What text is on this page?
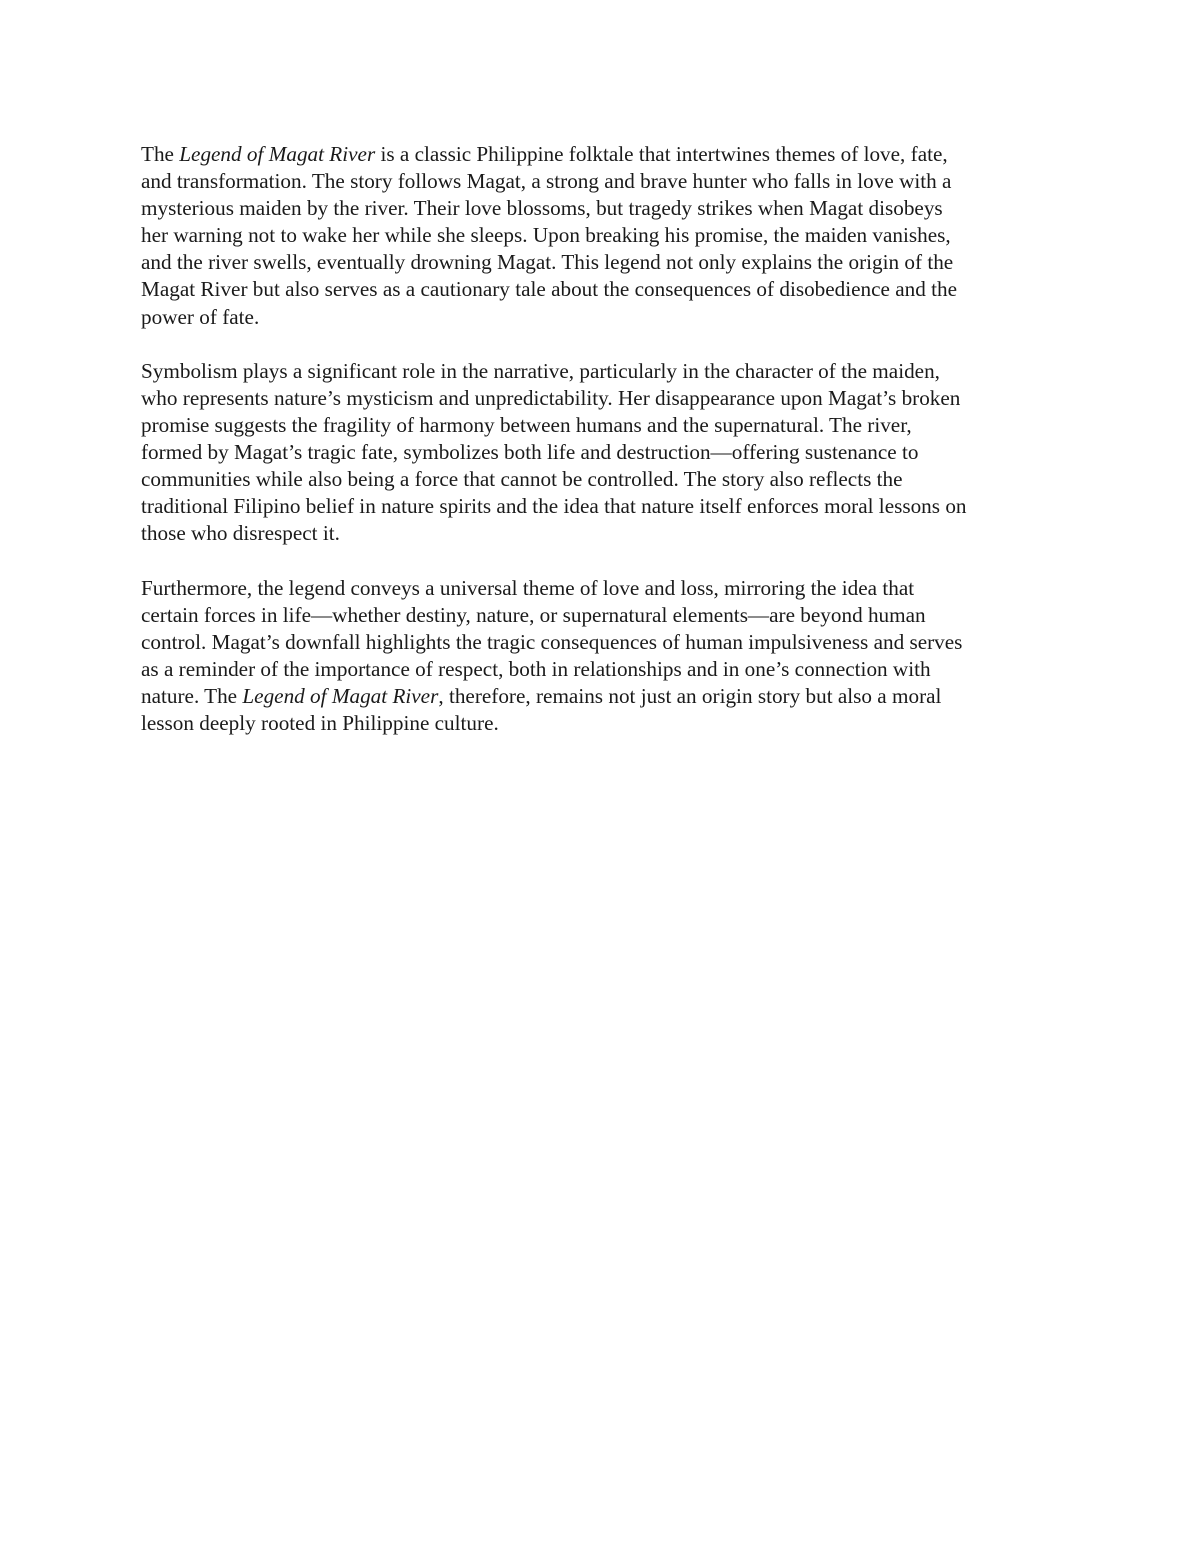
The Legend of Magat River is a classic Philippine folktale that intertwines themes of love, fate,
and transformation. The story follows Magat, a strong and brave hunter who falls in love with a
mysterious maiden by the river. Their love blossoms, but tragedy strikes when Magat disobeys
her warning not to wake her while she sleeps. Upon breaking his promise, the maiden vanishes,
and the river swells, eventually drowning Magat. This legend not only explains the origin of the
Magat River but also serves as a cautionary tale about the consequences of disobedience and the
power of fate.

Symbolism plays a significant role in the narrative, particularly in the character of the maiden,
who represents nature’s mysticism and unpredictability. Her disappearance upon Magat’s broken
promise suggests the fragility of harmony between humans and the supernatural. The river,
formed by Magat’s tragic fate, symbolizes both life and destruction—offering sustenance to
communities while also being a force that cannot be controlled. The story also reflects the
traditional Filipino belief in nature spirits and the idea that nature itself enforces moral lessons on
those who disrespect it.

Furthermore, the legend conveys a universal theme of love and loss, mirroring the idea that
certain forces in life—whether destiny, nature, or supernatural elements—are beyond human
control. Magat’s downfall highlights the tragic consequences of human impulsiveness and serves
as a reminder of the importance of respect, both in relationships and in one’s connection with
nature. The Legend of Magat River, therefore, remains not just an origin story but also a moral
lesson deeply rooted in Philippine culture.
